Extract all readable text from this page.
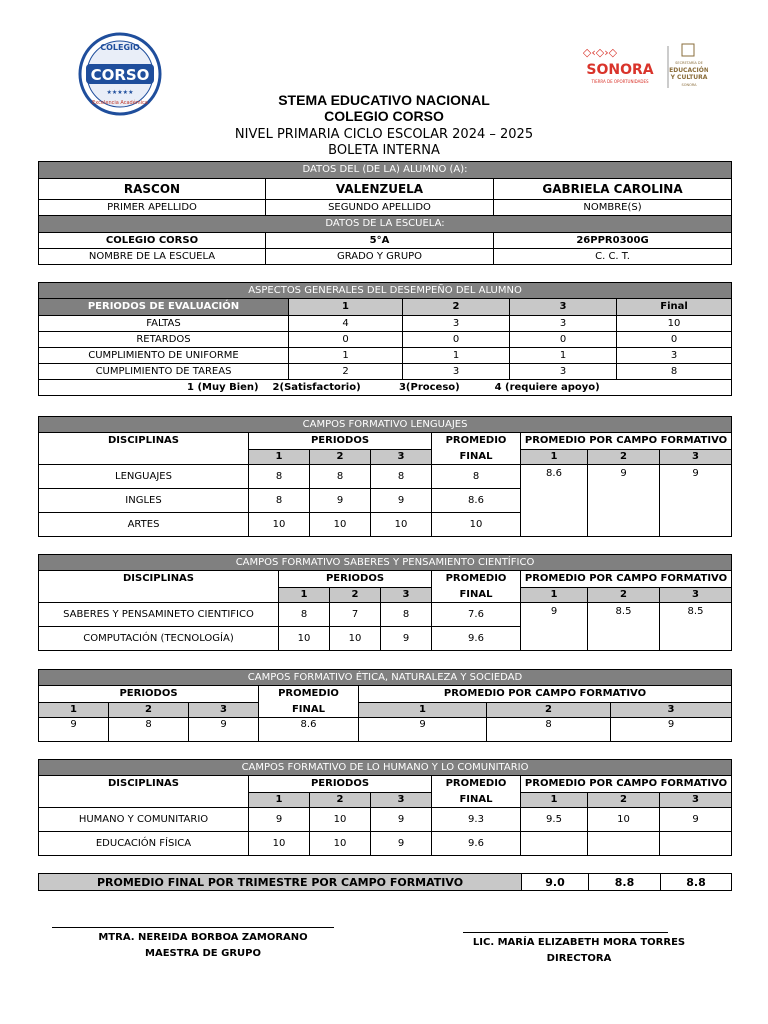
COLEGIO
CORSO
★★★★★
Excelencia Académica
◇‹◇›◇
SONORA
TIERRA DE OPORTUNIDADES
SECRETARÍA DE
EDUCACIÓN
Y CULTURA
SONORA
STEMA EDUCATIVO NACIONAL
COLEGIO CORSO
NIVEL PRIMARIA CICLO ESCOLAR 2024 – 2025
BOLETA INTERNA
DATOS DEL (DE LA) ALUMNO (A):		
RASCON	VALENZUELA	GABRIELA CAROLINA
PRIMER APELLIDO	SEGUNDO APELLIDO	NOMBRE(S)
DATOS DE LA ESCUELA:		
COLEGIO CORSO	5°A	26PPR0300G
NOMBRE DE LA ESCUELA	GRADO Y GRUPO	C. C. T.
ASPECTOS GENERALES DEL DESEMPEÑO DEL ALUMNO				
PERIODOS DE EVALUACIÓN	1	2	3	Final
FALTAS	4	3	3	10
RETARDOS	0	0	0	0
CUMPLIMIENTO DE UNIFORME	1	1	1	3
CUMPLIMIENTO DE TAREAS	2	3	3	8
1 (Muy Bien) 2(Satisfactorio) 3(Proceso) 4 (requiere apoyo)				
CAMPOS FORMATIVO LENGUAJES							
DISCIPLINAS	PERIODOS			PROMEDIO	PROMEDIO POR CAMPO FORMATIVO		
	1	2	3	FINAL	1	2	3
LENGUAJES	8	8	8	8	8.6	9	9
INGLES	8	9	9	8.6			
ARTES	10	10	10	10			
CAMPOS FORMATIVO SABERES Y PENSAMIENTO CIENTÍFICO							
DISCIPLINAS	PERIODOS			PROMEDIO	PROMEDIO POR CAMPO FORMATIVO		
	1	2	3	FINAL	1	2	3
SABERES Y PENSAMINETO CIENTIFICO	8	7	8	7.6	9	8.5	8.5
COMPUTACIÓN (TECNOLOGÍA)	10	10	9	9.6			
CAMPOS FORMATIVO ÉTICA, NATURALEZA Y SOCIEDAD						
PERIODOS			PROMEDIO	PROMEDIO POR CAMPO FORMATIVO		
1	2	3	FINAL	1	2	3
9	8	9	8.6	9	8	9
CAMPOS FORMATIVO DE LO HUMANO Y LO COMUNITARIO							
DISCIPLINAS	PERIODOS			PROMEDIO	PROMEDIO POR CAMPO FORMATIVO		
	1	2	3	FINAL	1	2	3
HUMANO Y COMUNITARIO	9	10	9	9.3	9.5	10	9
EDUCACIÓN FÍSICA	10	10	9	9.6			
PROMEDIO FINAL POR TRIMESTRE POR CAMPO FORMATIVO	9.0	8.8	8.8
MTRA. NEREIDA BORBOA ZAMORANO
MAESTRA DE GRUPO
LIC. MARÍA ELIZABETH MORA TORRES
DIRECTORA
